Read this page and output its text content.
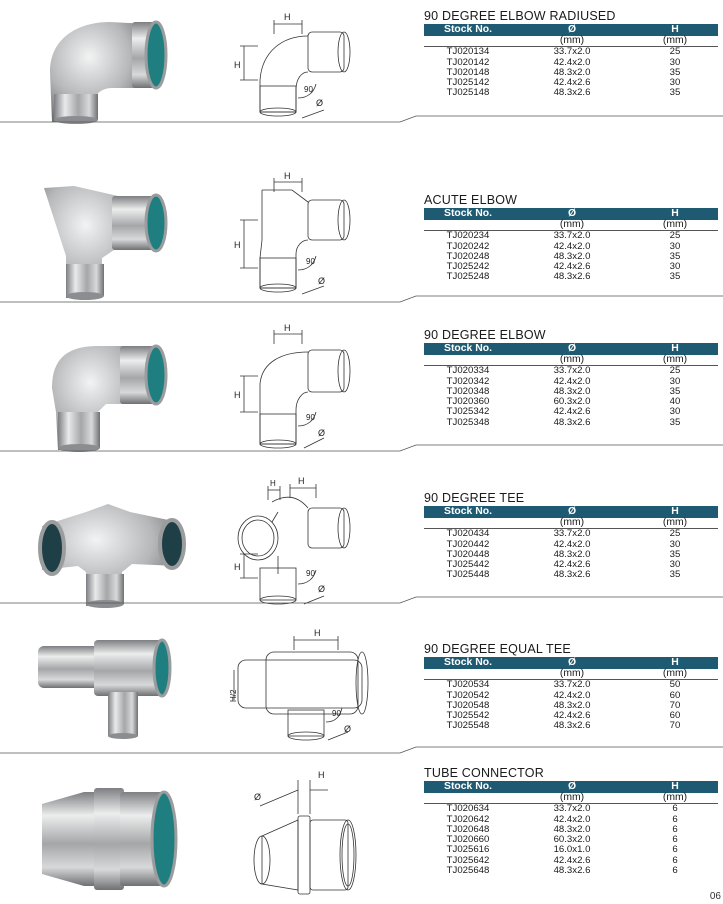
H
H
90
Ø
90 DEGREE ELBOW RADIUSED
Stock No.	Ø	H
	(mm)	(mm)
TJ020134	33.7x2.0	25
TJ020142	42.4x2.0	30
TJ020148	48.3x2.0	35
TJ025142	42.4x2.6	30
TJ025148	48.3x2.6	35
H
H
90
Ø
ACUTE ELBOW
Stock No.	Ø	H
	(mm)	(mm)
TJ020234	33.7x2.0	25
TJ020242	42.4x2.0	30
TJ020248	48.3x2.0	35
TJ025242	42.4x2.6	30
TJ025248	48.3x2.6	35
H
H
90
Ø
90 DEGREE ELBOW
Stock No.	Ø	H
	(mm)	(mm)
TJ020334	33.7x2.0	25
TJ020342	42.4x2.0	30
TJ020348	48.3x2.0	35
TJ020360	60.3x2.0	40
TJ025342	42.4x2.6	30
TJ025348	48.3x2.6	35
H H
H
90
Ø
90 DEGREE TEE
Stock No.	Ø	H
	(mm)	(mm)
TJ020434	33.7x2.0	25
TJ020442	42.4x2.0	30
TJ020448	48.3x2.0	35
TJ025442	42.4x2.6	30
TJ025448	48.3x2.6	35
H
H/2
90
Ø
90 DEGREE EQUAL TEE
Stock No.	Ø	H
	(mm)	(mm)
TJ020534	33.7x2.0	50
TJ020542	42.4x2.0	60
TJ020548	48.3x2.0	70
TJ025542	42.4x2.6	60
TJ025548	48.3x2.6	70
Ø
H	TUBE CONNECTOR
Stock No.	Ø	H
	(mm)	(mm)
TJ020634	33.7x2.0	6
TJ020642	42.4x2.0	6
TJ020648	48.3x2.0	6
TJ020660	60.3x2.0	6
TJ025616	16.0x1.0	6
TJ025642	42.4x2.6	6
TJ025648	48.3x2.6	6
06
